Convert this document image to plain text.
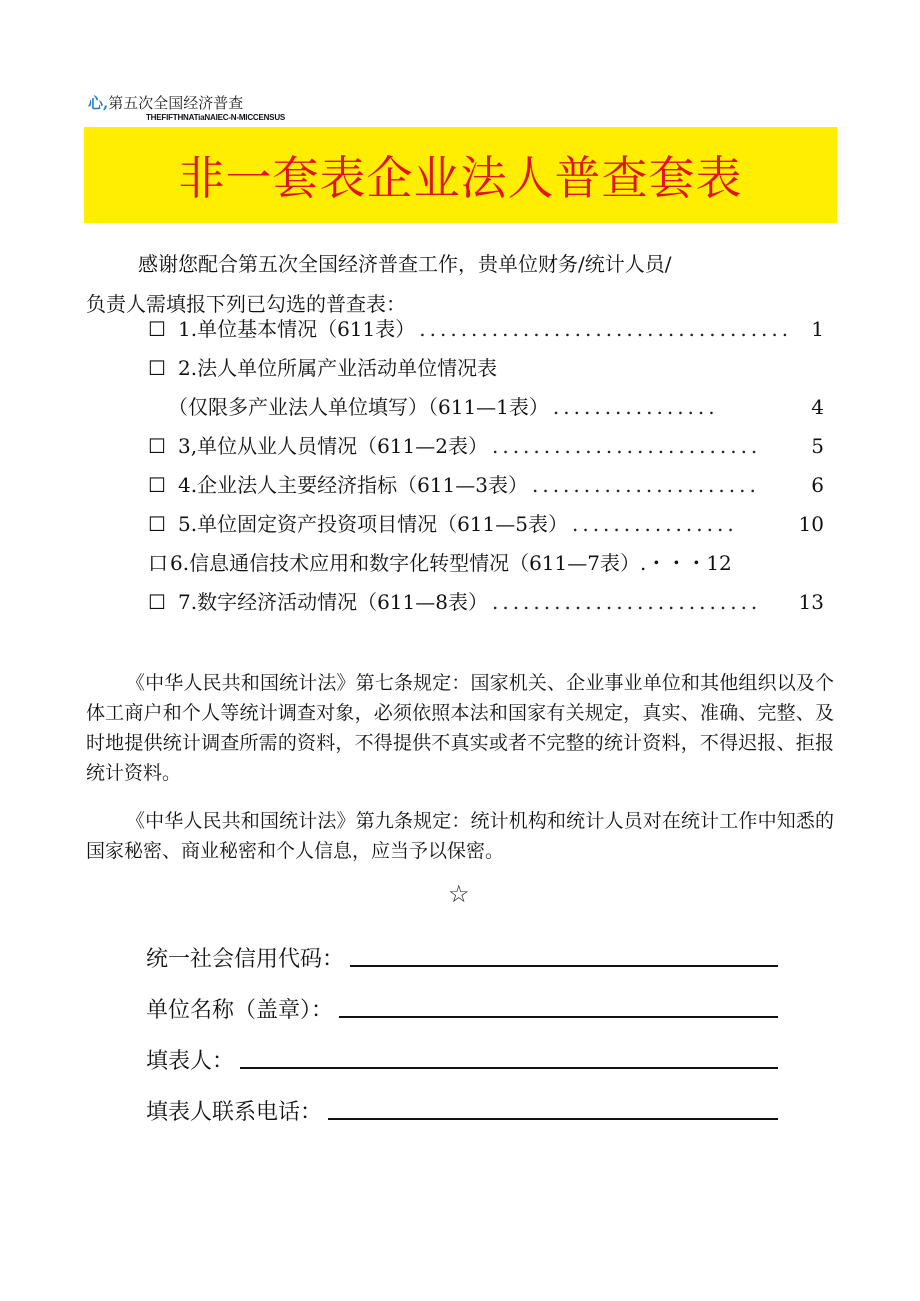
心,第五次全国经济普查
THEFIFTHNATiaNAIEC-N-MICCENSUS
非一套表企业法人普查套表
感谢您配合第五次全国经济普查工作，贵单位财务/统计人员/
负责人需填报下列已勾选的普查表：
☐ 1.单位基本情况（611表） .................................... 1
☐ 2.法人单位所属产业活动单位情况表
（仅限多产业法人单位填写）（611—1表） ................	4
☐ 3,单位从业人员情况（611—2表） ..........................	5
☐ 4.企业法人主要经济指标（611—3表） ......................	6
☐ 5.单位固定资产投资项目情况（611—5表） ................	10
口 6.信息通信技术应用和数字化转型情况（611—7表）.・・・12
☐ 7.数字经济活动情况（611—8表） ..........................	13
《中华人民共和国统计法》第七条规定：国家机关、企业事业单位和其他组织以及个体工商户和个人等统计调查对象，必须依照本法和国家有关规定，真实、准确、完整、及时地提供统计调查所需的资料，不得提供不真实或者不完整的统计资料，不得迟报、拒报统计资料。
《中华人民共和国统计法》第九条规定：统计机构和统计人员对在统计工作中知悉的国家秘密、商业秘密和个人信息，应当予以保密。
☆
统一社会信用代码：
单位名称（盖章）：
填表人：
填表人联系电话：
